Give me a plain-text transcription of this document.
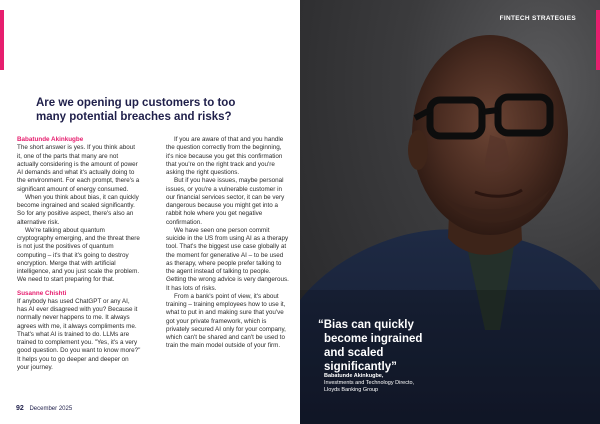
Are we opening up customers to too
many potential breaches and risks?
Babatunde Akinkugbe
The short answer is yes. If you think about it, one of the parts that many are not actually considering is the amount of power AI demands and what it's actually doing to the environment. For each prompt, there's a significant amount of energy consumed.
When you think about bias, it can quickly become ingrained and scaled significantly. So for any positive aspect, there's also an alternative risk.
We're talking about quantum cryptography emerging, and the threat there is not just the positives of quantum computing – it's that it's going to destroy encryption. Merge that with artificial intelligence, and you just scale the problem. We need to start preparing for that.
Susanne Chishti
If anybody has used ChatGPT or any AI, has AI ever disagreed with you? Because it normally never happens to me. It always agrees with me, it always compliments me. That's what AI is trained to do. LLMs are trained to complement you. "Yes, it's a very good question. Do you want to know more?" It helps you to go deeper and deeper on your journey.
If you are aware of that and you handle the question correctly from the beginning, it's nice because you get this confirmation that you're on the right track and you're asking the right questions.
But if you have issues, maybe personal issues, or you're a vulnerable customer in our financial services sector, it can be very dangerous because you might get into a rabbit hole where you get negative confirmation.
We have seen one person commit suicide in the US from using AI as a therapy tool. That's the biggest use case globally at the moment for generative AI – to be used as therapy, where people prefer talking to the agent instead of talking to people. Getting the wrong advice is very dangerous. It has lots of risks.
From a bank's point of view, it's about training – training employees how to use it, what to put in and making sure that you've got your private framework, which is privately secured AI only for your company, which can't be shared and can't be used to train the main model outside of your firm.
92 December 2025
FINTECH STRATEGIES
“Bias can quickly
become ingrained
and scaled
significantly”
Babatunde Akinkugbe,
Investments and Technology Directo,
Lloyds Banking Group
